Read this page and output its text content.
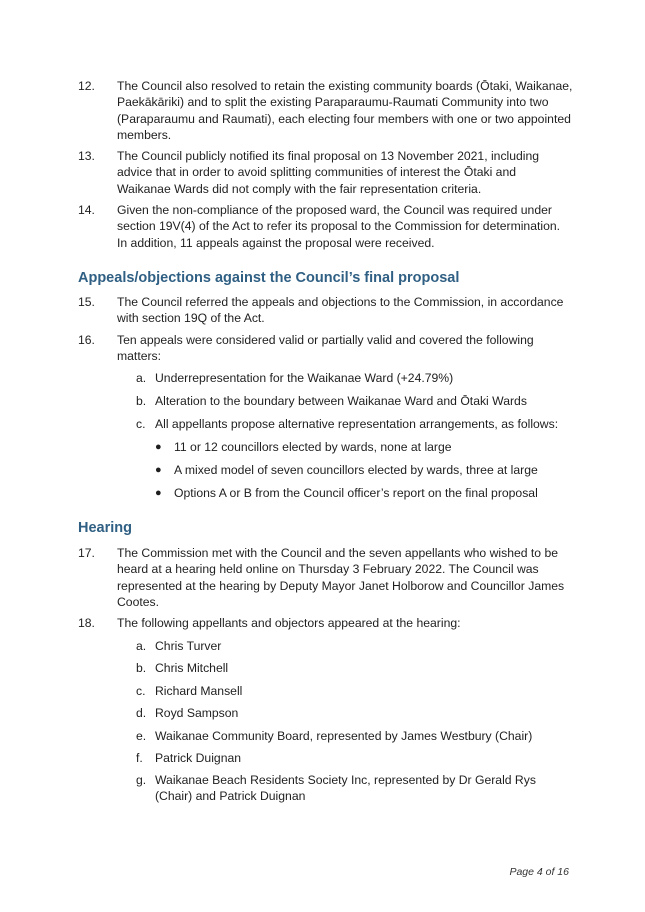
12.	The Council also resolved to retain the existing community boards (Ōtaki, Waikanae, Paekākāriki) and to split the existing Paraparaumu-Raumati Community into two (Paraparaumu and Raumati), each electing four members with one or two appointed members.
13.	The Council publicly notified its final proposal on 13 November 2021, including advice that in order to avoid splitting communities of interest the Ōtaki and Waikanae Wards did not comply with the fair representation criteria.
14.	Given the non-compliance of the proposed ward, the Council was required under section 19V(4) of the Act to refer its proposal to the Commission for determination. In addition, 11 appeals against the proposal were received.
Appeals/objections against the Council’s final proposal
15.	The Council referred the appeals and objections to the Commission, in accordance with section 19Q of the Act.
16.	Ten appeals were considered valid or partially valid and covered the following matters:
a. Underrepresentation for the Waikanae Ward (+24.79%)
b. Alteration to the boundary between Waikanae Ward and Ōtaki Wards
c. All appellants propose alternative representation arrangements, as follows:
● 11 or 12 councillors elected by wards, none at large
● A mixed model of seven councillors elected by wards, three at large
● Options A or B from the Council officer’s report on the final proposal
Hearing
17.	The Commission met with the Council and the seven appellants who wished to be heard at a hearing held online on Thursday 3 February 2022. The Council was represented at the hearing by Deputy Mayor Janet Holborow and Councillor James Cootes.
18.	The following appellants and objectors appeared at the hearing:
a. Chris Turver
b. Chris Mitchell
c. Richard Mansell
d. Royd Sampson
e. Waikanae Community Board, represented by James Westbury (Chair)
f.	Patrick Duignan
g. Waikanae Beach Residents Society Inc, represented by Dr Gerald Rys (Chair) and Patrick Duignan
Page 4 of 16
